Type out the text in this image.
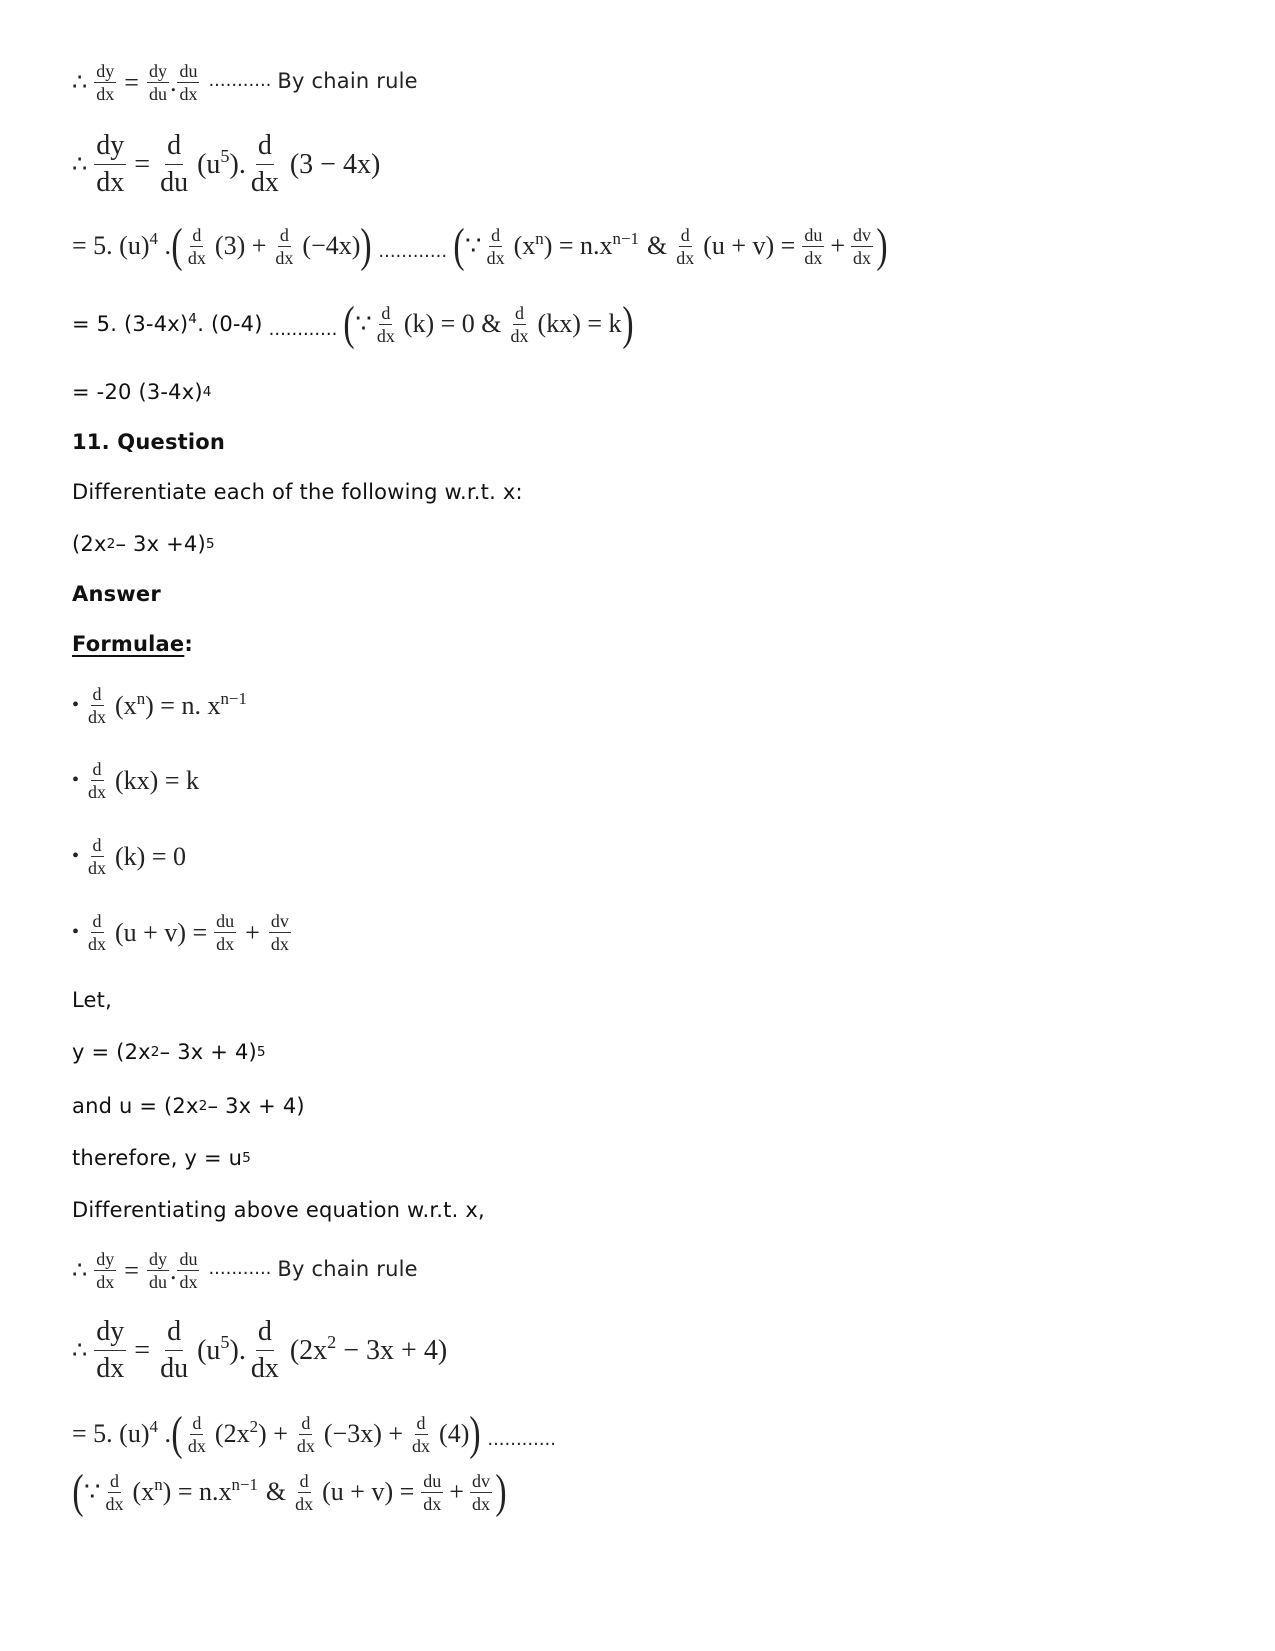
∴ $\frac{dy}{dx} = \frac{dy}{du}$ . $\frac{du}{dx}$ ........... By chain rule
∴ $\frac{dy}{dx} = \frac{d}{du} (u^5)$. $\frac{d}{dx} (3 - 4x)$
= 5. $(u)^4$ . ( $\frac{d}{dx} (3) + \frac{d}{dx} (-4x)$ ) ............ ( ∵ $\frac{d}{dx} (x^n) = n.x^{n-1}$ & $\frac{d}{dx} (u + v) = \frac{du}{dx} + \frac{dv}{dx}$ )
= 5. $(3-4x)^4$. (0-4) ............ ( ∵ $\frac{d}{dx} (k) = 0$ & $\frac{d}{dx} (kx) = k$ )
= -20 (3-4x) 4
11. Question
Differentiate each of the following w.r.t. x:
(2x 2 – 3x +4) 5
Answer
Formulae :
• $\frac{d}{dx} (x^n) = n$. $x^{n-1}$
• $\frac{d}{dx} (kx) = k$
• $\frac{d}{dx} (k) = 0$
• $\frac{d}{dx} (u + v) = \frac{du}{dx} + \frac{dv}{dx}$
Let,
y = (2x 2 – 3x + 4) 5
and u = (2x 2 – 3x + 4)
therefore, y = u 5
Differentiating above equation w.r.t. x,
∴ $\frac{dy}{dx} = \frac{dy}{du}$ . $\frac{du}{dx}$ ........... By chain rule
∴ $\frac{dy}{dx} = \frac{d}{du} (u^5)$. $\frac{d}{dx} (2x^2 - 3x + 4)$
= 5. $(u)^4$ . ( $\frac{d}{dx} (2x^2) + \frac{d}{dx} (-3x) + \frac{d}{dx} (4)$ ) ............
( ∵ $\frac{d}{dx} (x^n) = n.x^{n-1}$ & $\frac{d}{dx} (u + v) = \frac{du}{dx} + \frac{dv}{dx}$ )
